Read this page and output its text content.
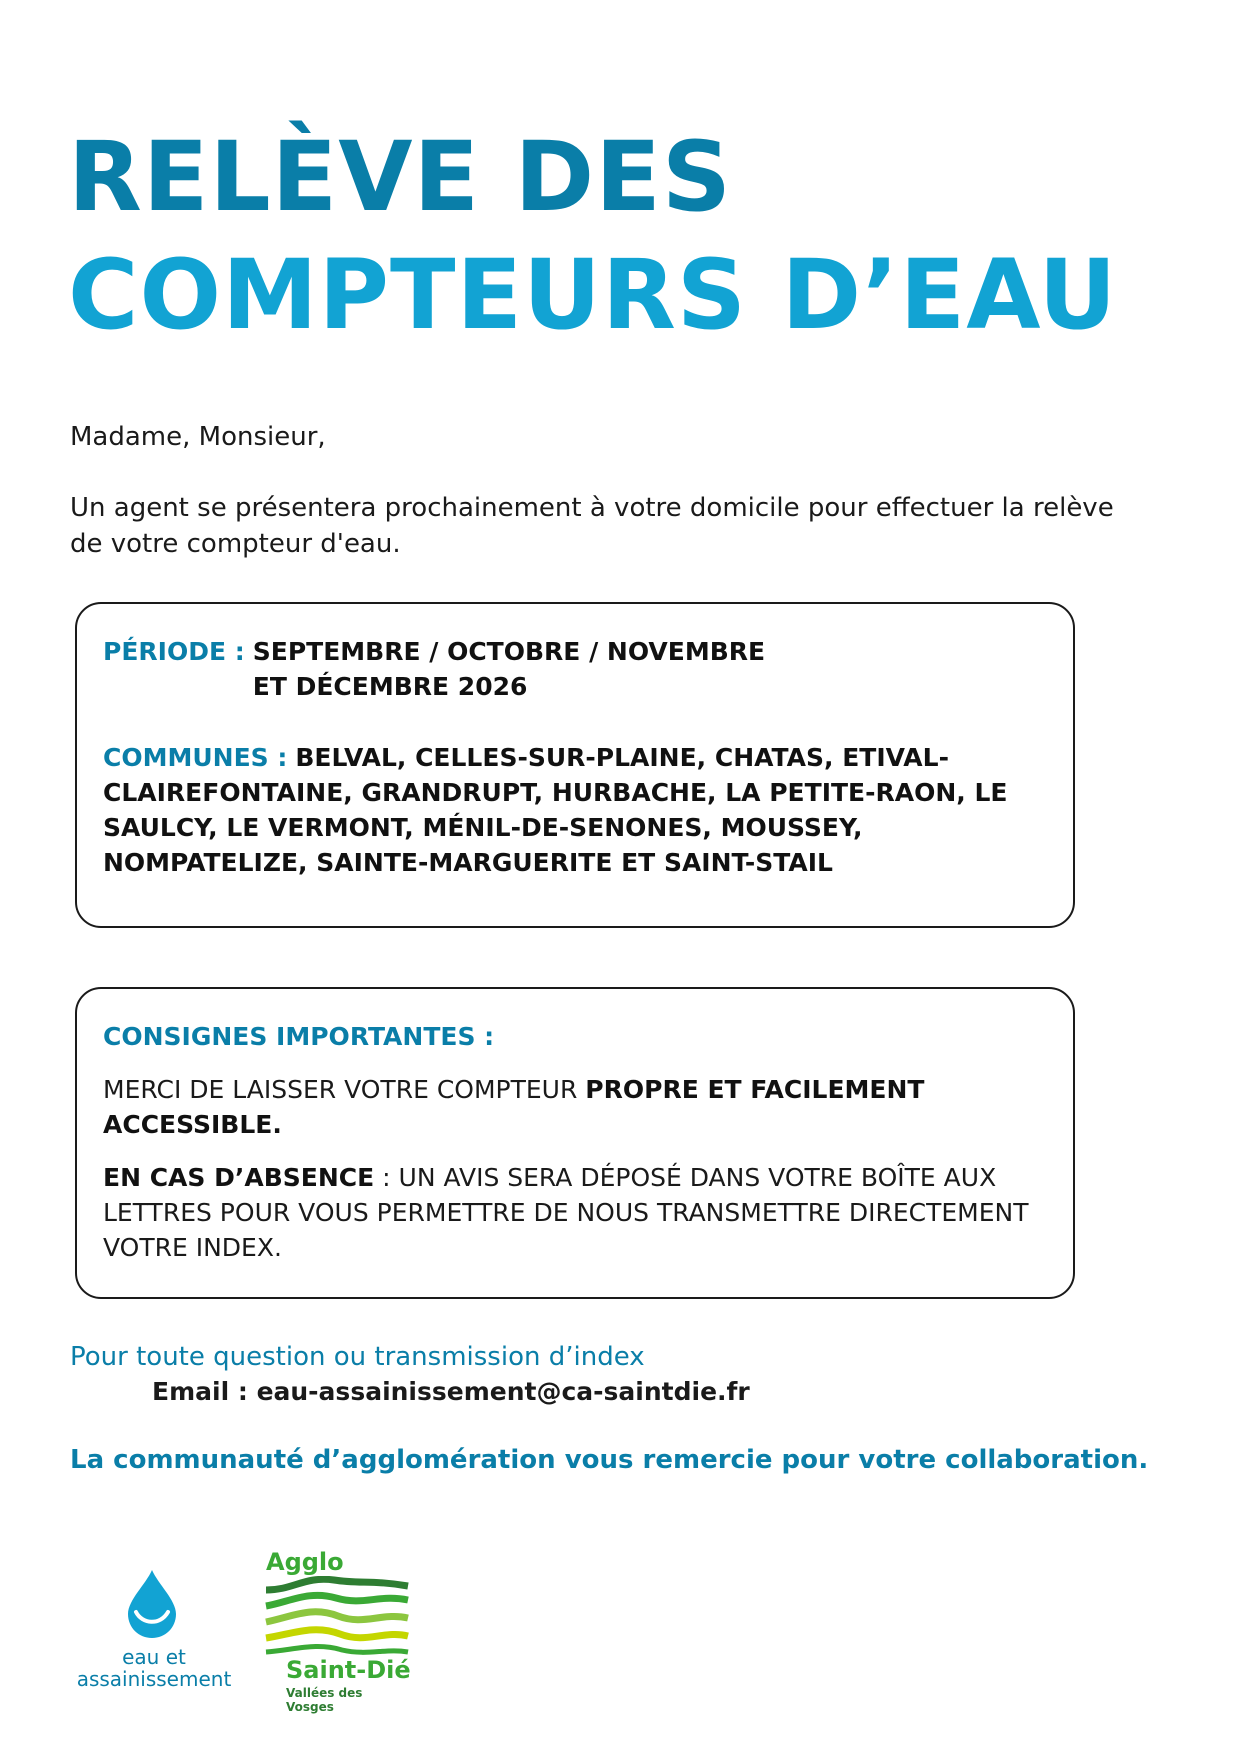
RELÈVE DES
COMPTEURS D’EAU
Madame, Monsieur,
Un agent se présentera prochainement à votre domicile pour effectuer la relève de votre compteur d'eau.
PÉRIODE : SEPTEMBRE / OCTOBRE / NOVEMBRE
ET DÉCEMBRE 2026
COMMUNES : BELVAL, CELLES-SUR-PLAINE, CHATAS, ETIVAL-CLAIREFONTAINE, GRANDRUPT, HURBACHE, LA PETITE-RAON, LE SAULCY, LE VERMONT, MÉNIL-DE-SENONES, MOUSSEY, NOMPATELIZE, SAINTE-MARGUERITE ET SAINT-STAIL
CONSIGNES IMPORTANTES :
MERCI DE LAISSER VOTRE COMPTEUR PROPRE ET FACILEMENT ACCESSIBLE.
EN CAS D’ABSENCE : UN AVIS SERA DÉPOSÉ DANS VOTRE BOÎTE AUX LETTRES POUR VOUS PERMETTRE DE NOUS TRANSMETTRE DIRECTEMENT VOTRE INDEX.
Pour toute question ou transmission d’index
Email : eau-assainissement@ca-saintdie.fr
La communauté d’agglomération vous remercie pour votre collaboration.
eau et
assainissement
Agglo
Saint-Dié
Vallées des Vosges
